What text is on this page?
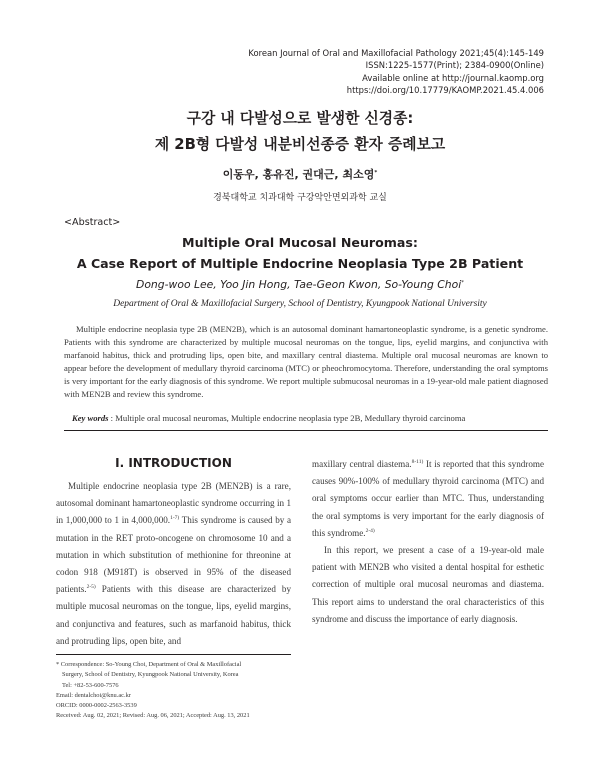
Korean Journal of Oral and Maxillofacial Pathology 2021;45(4):145-149
ISSN:1225-1577(Print); 2384-0900(Online)
Available online at http://journal.kaomp.org
https://doi.org/10.17779/KAOMP.2021.45.4.006
구강 내 다발성으로 발생한 신경종:
제 2B형 다발성 내분비선종증 환자 증례보고
이동우, 홍유진, 권대근, 최소영*
경북대학교 치과대학 구강악안면외과학 교실
<Abstract>
Multiple Oral Mucosal Neuromas:
A Case Report of Multiple Endocrine Neoplasia Type 2B Patient
Dong-woo Lee, Yoo Jin Hong, Tae-Geon Kwon, So-Young Choi*
Department of Oral & Maxillofacial Surgery, School of Dentistry, Kyungpook National University
Multiple endocrine neoplasia type 2B (MEN2B), which is an autosomal dominant hamartoneoplastic syndrome, is a genetic syndrome. Patients with this syndrome are characterized by multiple mucosal neuromas on the tongue, lips, eyelid margins, and conjunctiva with marfanoid habitus, thick and protruding lips, open bite, and maxillary central diastema. Multiple oral mucosal neuromas are known to appear before the development of medullary thyroid carcinoma (MTC) or pheochromocytoma. Therefore, understanding the oral symptoms is very important for the early diagnosis of this syndrome. We report multiple submucosal neuromas in a 19-year-old male patient diagnosed with MEN2B and review this syndrome.
Key words : Multiple oral mucosal neuromas, Multiple endocrine neoplasia type 2B, Medullary thyroid carcinoma
Ⅰ. INTRODUCTION

Multiple endocrine neoplasia type 2B (MEN2B) is a rare, autosomal dominant hamartoneoplastic syndrome occurring in 1 in 1,000,000 to 1 in 4,000,000.$^{1-7)}$ This syndrome is caused by a mutation in the RET proto-oncogene on chromosome 10 and a mutation in which substitution of methionine for threonine at codon 918 (M918T) is observed in 95% of the diseased patients.$^{2-5)}$ Patients with this disease are characterized by multiple mucosal neuromas on the tongue, lips, eyelid margins, and conjunctiva and features, such as marfanoid habitus, thick and protruding lips, open bite, and

maxillary central diastema.$^{8-11)}$ It is reported that this syndrome causes 90%-100% of medullary thyroid carcinoma (MTC) and oral symptoms occur earlier than MTC. Thus, understanding the oral symptoms is very important for the early diagnosis of this syndrome.$^{2-4)}$

In this report, we present a case of a 19-year-old male patient with MEN2B who visited a dental hospital for esthetic correction of multiple oral mucosal neuromas and diastema. This report aims to understand the oral characteristics of this syndrome and discuss the importance of early diagnosis.

* Correspondence: So-Young Choi, Department of Oral & Maxillofacial
Surgery, School of Dentistry, Kyungpook National University, Korea
Tel: +82-53-600-7576
Email: dentalchoi@knu.ac.kr
ORCID: 0000-0002-2563-3539
Received: Aug. 02, 2021; Revised: Aug. 06, 2021; Accepted: Aug. 13, 2021
